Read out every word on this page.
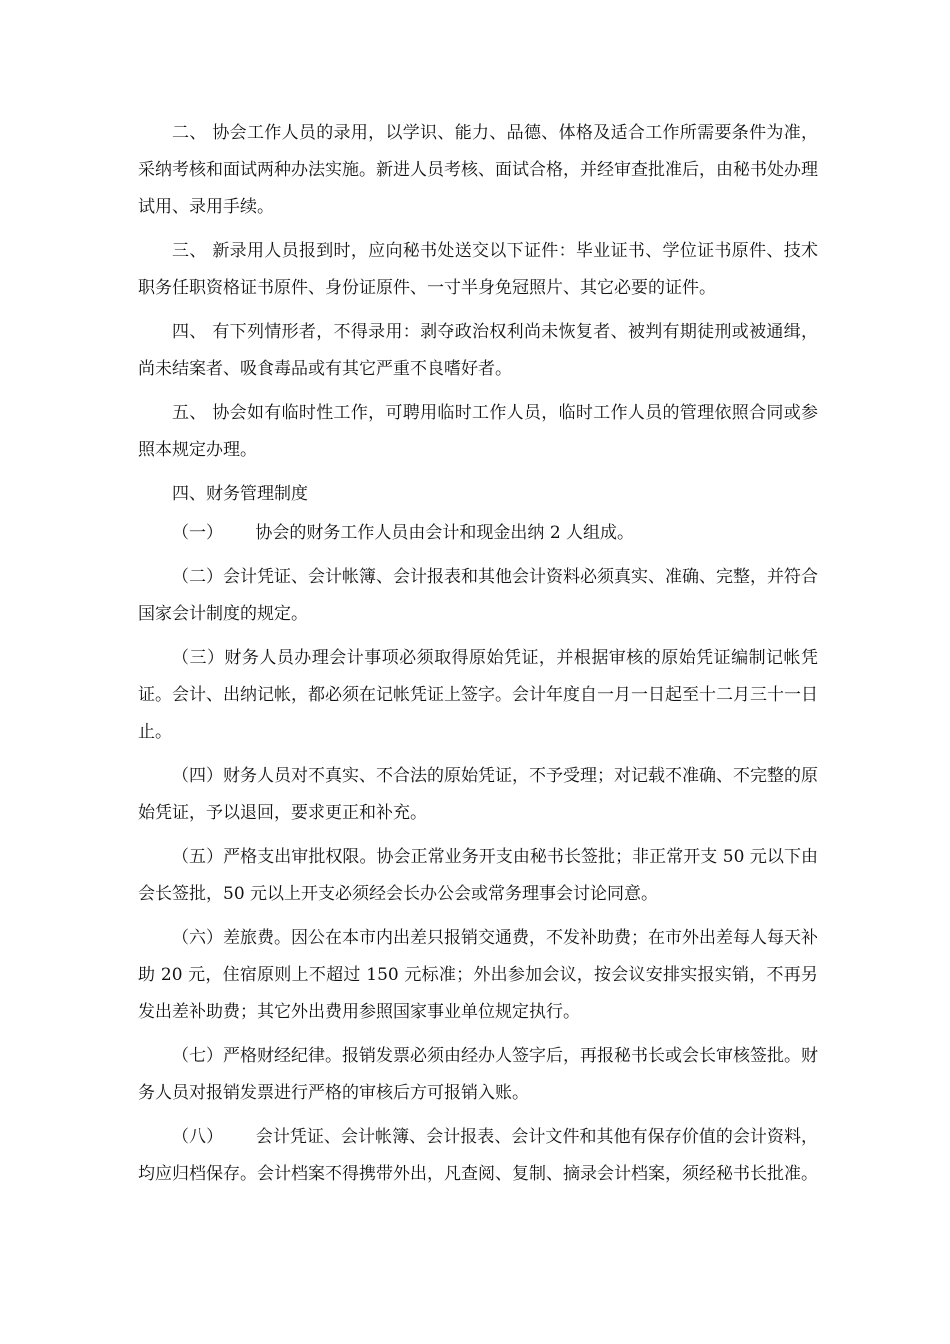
二、 协会工作人员的录用，以学识、能力、品德、体格及适合工作所需要条件为准，采纳考核和面试两种办法实施。新进人员考核、面试合格，并经审查批准后，由秘书处办理试用、录用手续。

三、 新录用人员报到时，应向秘书处送交以下证件：毕业证书、学位证书原件、技术职务任职资格证书原件、身份证原件、一寸半身免冠照片、其它必要的证件。

四、 有下列情形者，不得录用：剥夺政治权利尚未恢复者、被判有期徒刑或被通缉，尚未结案者、吸食毒品或有其它严重不良嗜好者。

五、 协会如有临时性工作，可聘用临时工作人员，临时工作人员的管理依照合同或参照本规定办理。

四、财务管理制度

（一）      协会的财务工作人员由会计和现金出纳 2 人组成。

（二）会计凭证、会计帐簿、会计报表和其他会计资料必须真实、准确、完整，并符合国家会计制度的规定。

（三）财务人员办理会计事项必须取得原始凭证，并根据审核的原始凭证编制记帐凭证。会计、出纳记帐，都必须在记帐凭证上签字。会计年度自一月一日起至十二月三十一日止。

（四）财务人员对不真实、不合法的原始凭证，不予受理；对记载不准确、不完整的原始凭证，予以退回，要求更正和补充。

（五）严格支出审批权限。协会正常业务开支由秘书长签批；非正常开支 50 元以下由会长签批，50 元以上开支必须经会长办公会或常务理事会讨论同意。

（六）差旅费。因公在本市内出差只报销交通费，不发补助费；在市外出差每人每天补助 20 元，住宿原则上不超过 150 元标准；外出参加会议，按会议安排实报实销，不再另发出差补助费；其它外出费用参照国家事业单位规定执行。

（七）严格财经纪律。报销发票必须由经办人签字后，再报秘书长或会长审核签批。财务人员对报销发票进行严格的审核后方可报销入账。

（八）      会计凭证、会计帐簿、会计报表、会计文件和其他有保存价值的会计资料，均应归档保存。会计档案不得携带外出，凡查阅、复制、摘录会计档案，须经秘书长批准。
